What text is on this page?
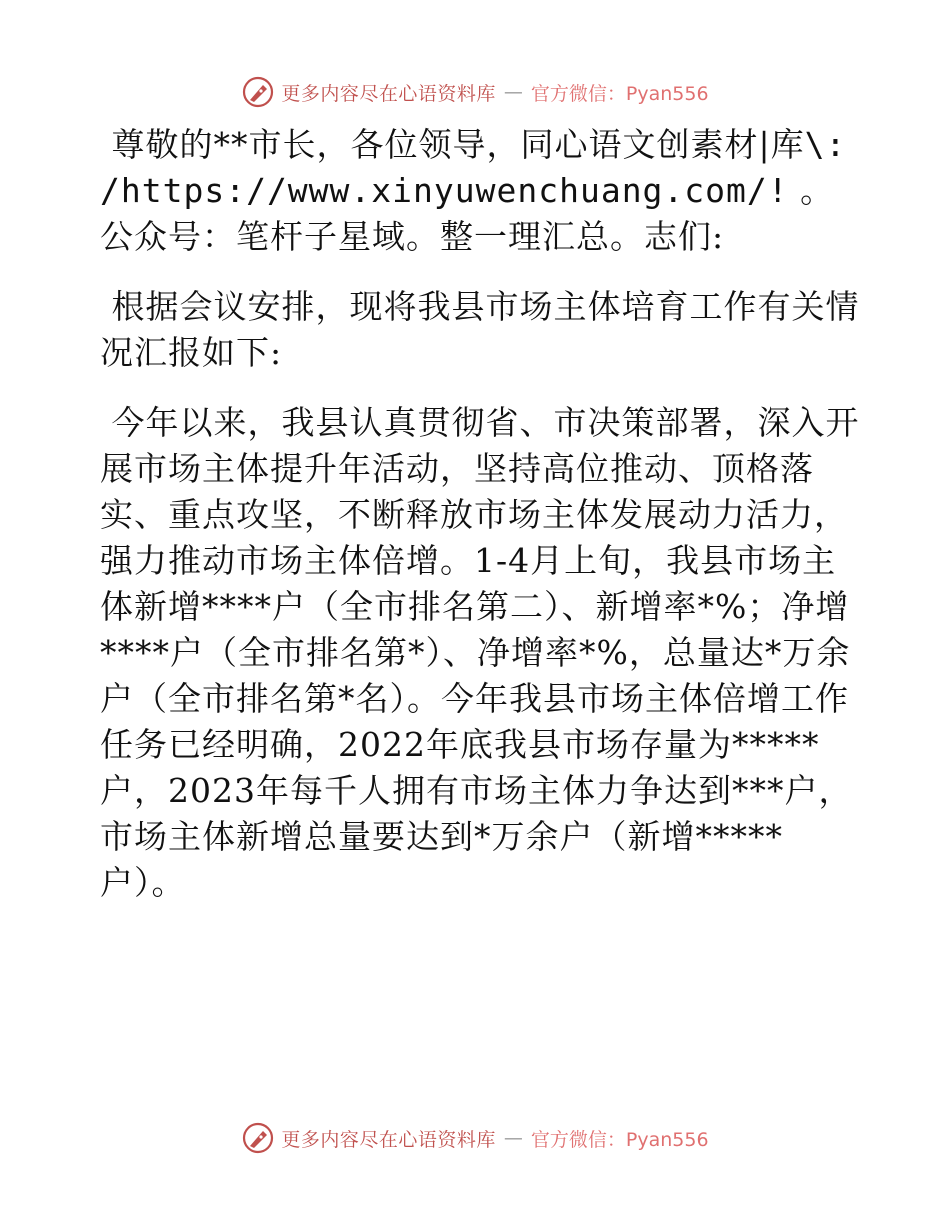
更多内容尽在心语资料库 — 官方微信：Pyan556

尊敬的**市长，各位领导，同心语文创素材|库\: /https://www.xinyuwenchuang.com/! 。公众号：笔杆子星域。整一理汇总。志们:

根据会议安排，现将我县市场主体培育工作有关情况汇报如下:

今年以来，我县认真贯彻省、市决策部署，深入开展市场主体提升年活动，坚持高位推动、顶格落实、重点攻坚，不断释放市场主体发展动力活力，强力推动市场主体倍增。1-4月上旬，我县市场主体新增****户（全市排名第二）、新增率*%；净增****户（全市排名第*）、净增率*%，总量达*万余户（全市排名第*名）。今年我县市场主体倍增工作任务已经明确，2022年底我县市场存量为*****户，2023年每千人拥有市场主体力争达到***户，市场主体新增总量要达到*万余户（新增*****户）。

更多内容尽在心语资料库 — 官方微信：Pyan556
